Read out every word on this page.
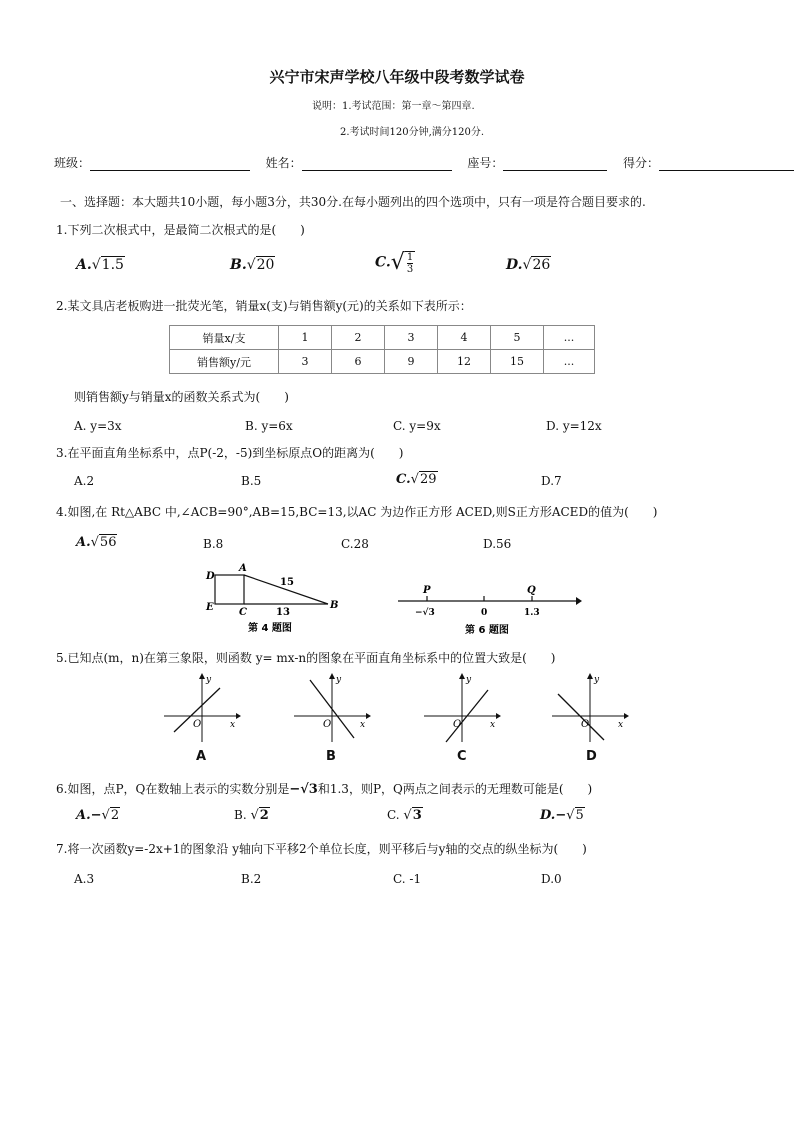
兴宁市宋声学校八年级中段考数学试卷
说明：1.考试范围：第一章～第四章.
2.考试时间120分钟,满分120分.
班级：	姓名：	座号：	得分：
一、选择题：本大题共10小题，每小题3分，共30分.在每小题列出的四个选项中，只有一项是符合题目要求的.
1.下列二次根式中，是最简二次根式的是(　　)
A.√1.5	B.√20	$C.√ \frac{1}{3}$	D.√26
2.某文具店老板购进一批荧光笔，销量x(支)与销售额y(元)的关系如下表所示：
销量x/支	1	2	3	4	5	...
销售额y/元	3	6	9	12	15	...
则销售额y与销量x的函数关系式为(　　)
A. y=3x	B. y=6x	C. y=9x	D. y=12x
3.在平面直角坐标系中，点P(-2，-5)到坐标原点O的距离为(　　)
A.2	B.5	C.√29	D.7
4.如图,在 Rt△ABC 中,∠ACB=90°,AB=15,BC=13,以AC 为边作正方形 ACED,则S正方形ACED的值为(　　)
A.√56	B.8	C.28	D.56
D
A
E	C
B
15
13
第 4 题图
P	Q
−√3	0	1.3
第 6 题图
5.已知点(m，n)在第三象限，则函数 y= mx-n的图象在平面直角坐标系中的位置大致是(　　)
y
x
O
A
y
x
O
B
y
x
O
C
y
x
O
D
6.如图，点P，Q在数轴上表示的实数分别是−√3和1.3，则P，Q两点之间表示的无理数可能是(　　)
A.−√2	B. √2	C. √3	D.−√5
7.将一次函数y=-2x+1的图象沿 y轴向下平移2个单位长度，则平移后与y轴的交点的纵坐标为(　　)
A.3	B.2	C. -1	D.0
